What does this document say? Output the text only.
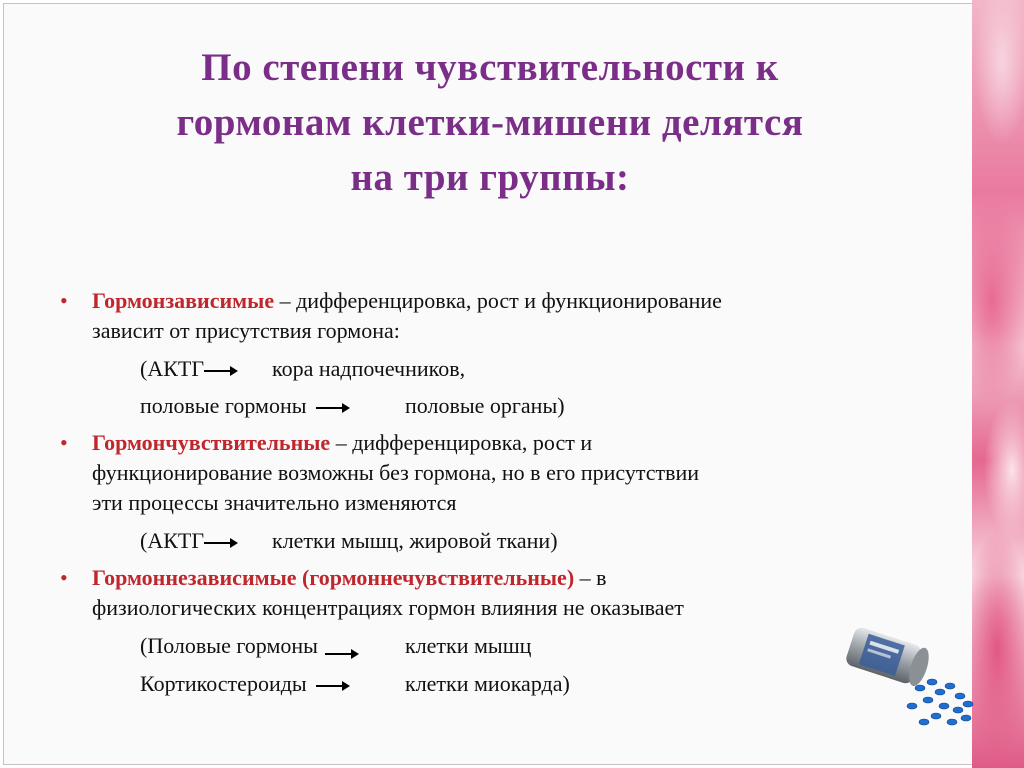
По степени чувствительности к
гормонам клетки-мишени делятся
на три группы:
• Гормонзависимые – дифференцировка, рост и функционирование
зависит от присутствия гормона:
(АКТГ	кора надпочечников,
половые гормоны	половые органы)
• Гормончувствительные – дифференцировка, рост и
функционирование возможны без гормона, но в его присутствии
эти процессы значительно изменяются
(АКТГ	клетки мышц, жировой ткани)
• Гормоннезависимые (гормоннечувствительные) – в
физиологических концентрациях гормон влияния не оказывает
(Половые гормоны	клетки мышц
Кортикостероиды	клетки миокарда)
